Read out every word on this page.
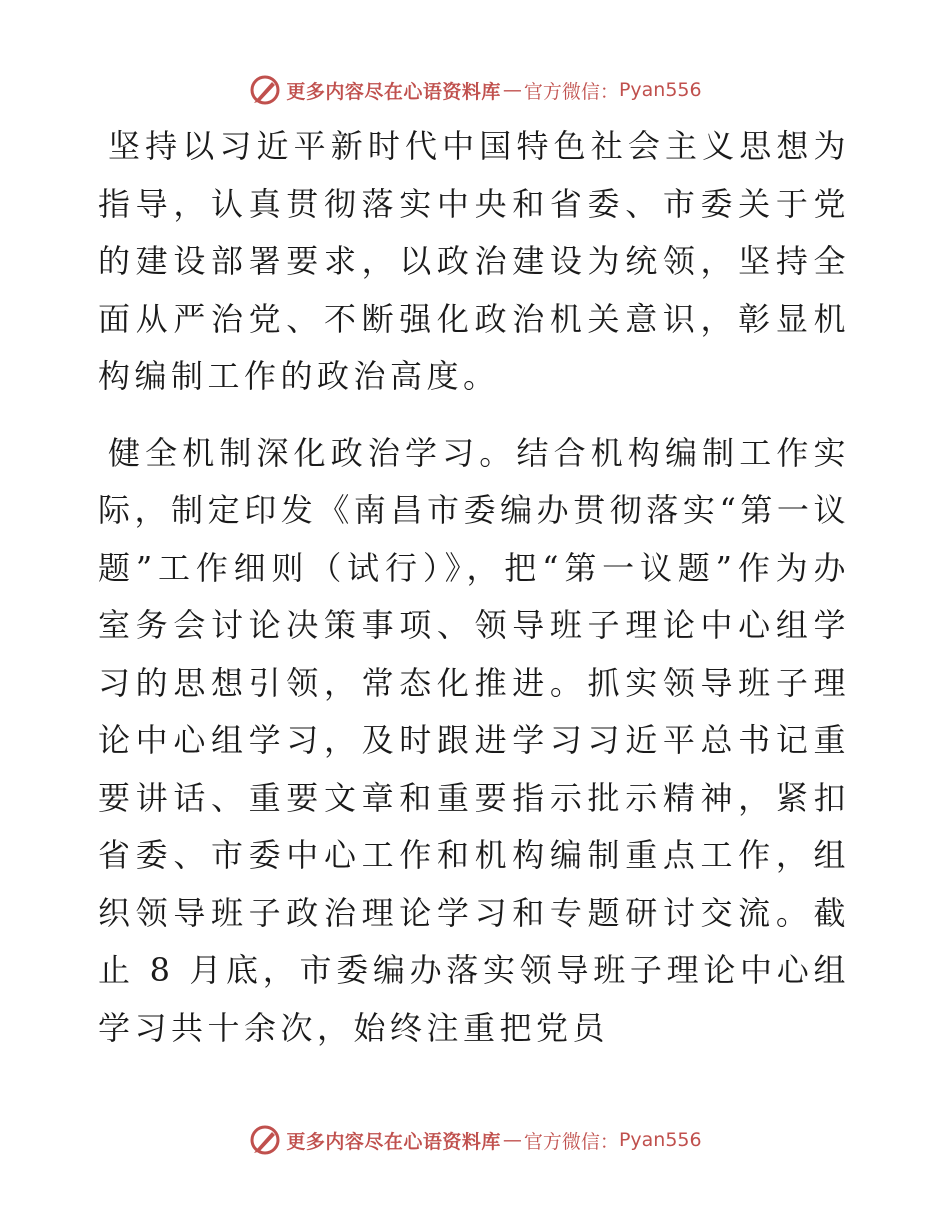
更多内容尽在心语资料库 — 官方微信： Pyan556

坚持以习近平新时代中国特色社会主义思想为指导，认真贯彻落实中央和省委、市委关于党的建设部署要求，以政治建设为统领，坚持全面从严治党、不断强化政治机关意识，彰显机构编制工作的政治高度。

健全机制深化政治学习。结合机构编制工作实际，制定印发《南昌市委编办贯彻落实“第一议题”工作细则（试行）》，把“第一议题”作为办室务会讨论决策事项、领导班子理论中心组学习的思想引领，常态化推进。抓实领导班子理论中心组学习，及时跟进学习习近平总书记重要讲话、重要文章和重要指示批示精神，紧扣省委、市委中心工作和机构编制重点工作，组织领导班子政治理论学习和专题研讨交流。截止 8 月底，市委编办落实领导班子理论中心组学习共十余次，始终注重把党员

更多内容尽在心语资料库 — 官方微信： Pyan556
